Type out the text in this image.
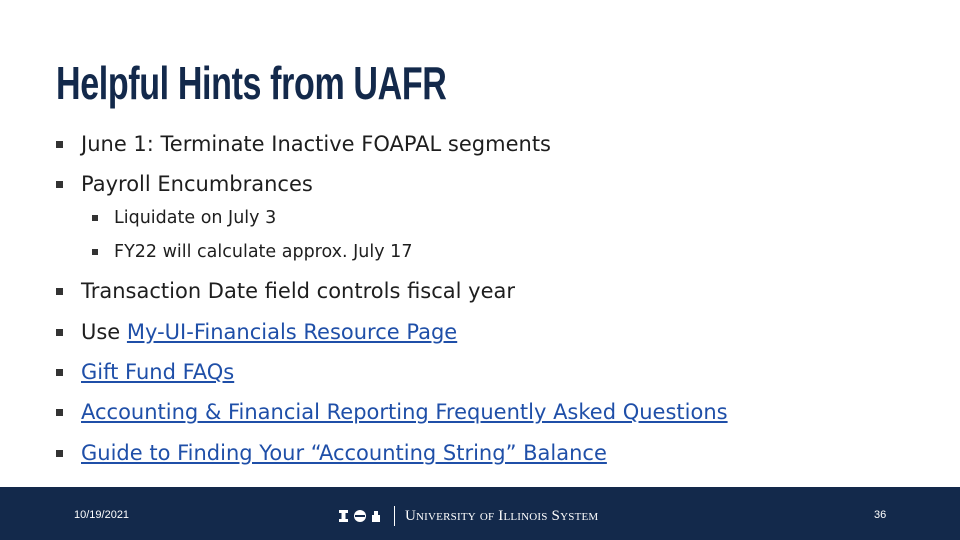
Helpful Hints from UAFR
June 1: Terminate Inactive FOAPAL segments
Payroll Encumbrances
Liquidate on July 3
FY22 will calculate approx. July 17
Transaction Date field controls fiscal year
Use My-UI-Financials Resource Page
Gift Fund FAQs
Accounting & Financial Reporting Frequently Asked Questions
Guide to Finding Your “Accounting String” Balance
10/19/2021	University of Illinois System	36
